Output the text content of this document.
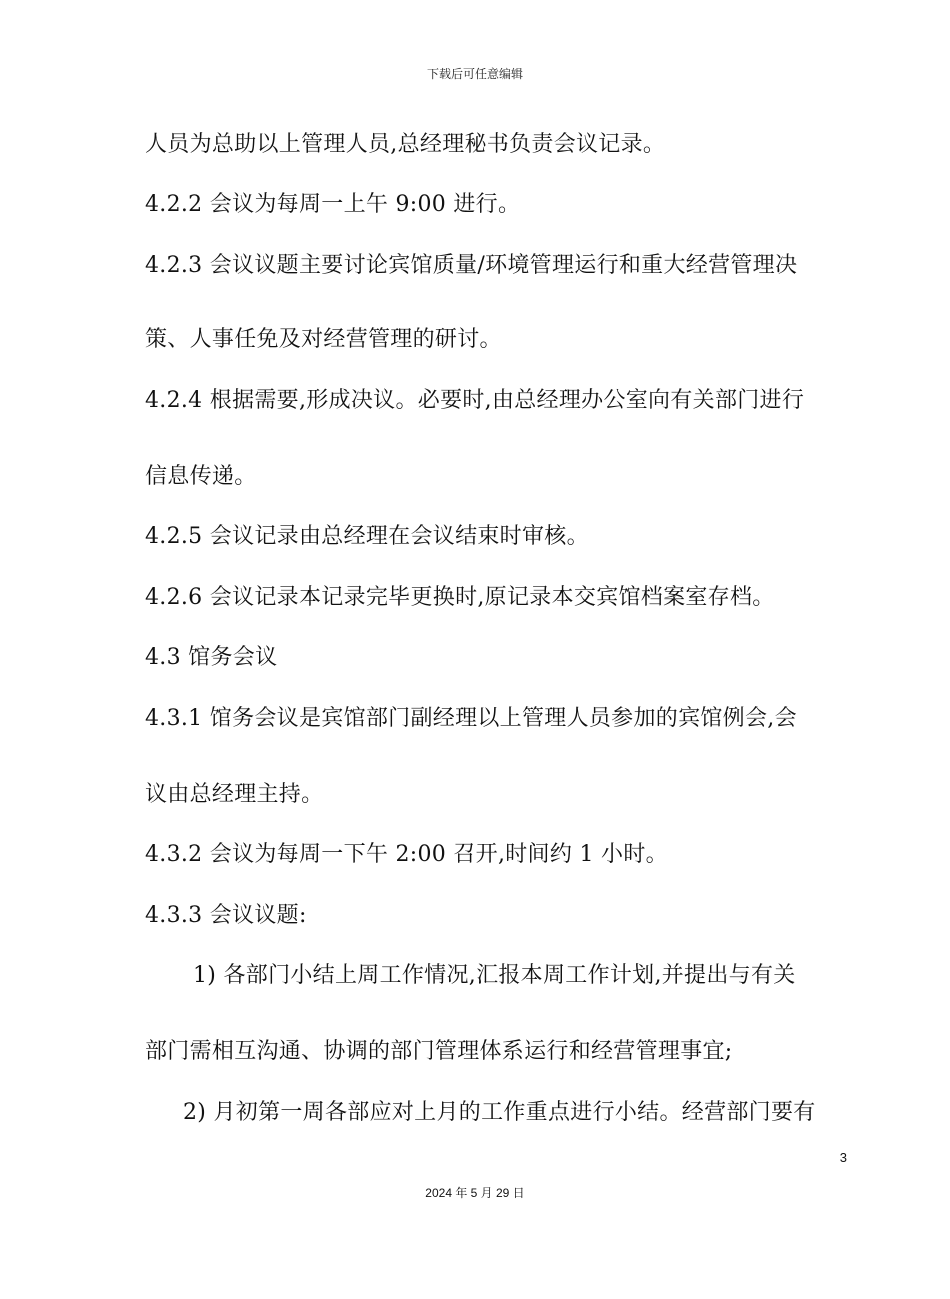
下载后可任意编辑
人员为总助以上管理人员,总经理秘书负责会议记录。
4.2.2 会议为每周一上午 9:00 进行。
4.2.3 会议议题主要讨论宾馆质量/环境管理运行和重大经营管理决
策、人事任免及对经营管理的研讨。
4.2.4 根据需要,形成决议。必要时,由总经理办公室向有关部门进行
信息传递。
4.2.5 会议记录由总经理在会议结束时审核。
4.2.6 会议记录本记录完毕更换时,原记录本交宾馆档案室存档。
4.3 馆务会议
4.3.1 馆务会议是宾馆部门副经理以上管理人员参加的宾馆例会,会
议由总经理主持。
4.3.2 会议为每周一下午 2:00 召开,时间约 1 小时。
4.3.3 会议议题:
1) 各部门小结上周工作情况,汇报本周工作计划,并提出与有关
部门需相互沟通、协调的部门管理体系运行和经营管理事宜;
2) 月初第一周各部应对上月的工作重点进行小结。经营部门要有
3
2024 年 5 月 29 日
